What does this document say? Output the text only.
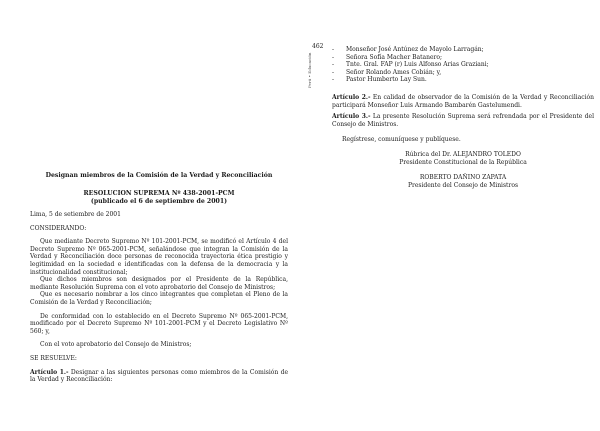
Designan miembros de la Comisión de la Verdad y Reconciliación
RESOLUCION SUPREMA Nº 438-2001-PCM
(publicado el 6 de septiembre de 2001)

Lima, 5 de setiembre de 2001

CONSIDERANDO:

Que mediante Decreto Supremo Nº 101-2001-PCM, se modificó el Artículo 4 del Decreto Supremo Nº 065-2001-PCM, señalándose que integran la Comisión de la Verdad y Reconciliación doce personas de reconocida trayectoria ética prestigio y legitimidad en la sociedad e identificadas con la defensa de la democracia y la institucionalidad constitucional;

Que dichos miembros son designados por el Presidente de la República, mediante Resolución Suprema con el voto aprobatorio del Consejo de Ministros;

Que es necesario nombrar a los cinco integrantes que completan el Pleno de la Comisión de la Verdad y Reconciliación;

De conformidad con lo establecido en el Decreto Supremo Nº 065-2001-PCM, modificado por el Decreto Supremo Nº 101-2001-PCM y el Decreto Legislativo Nº 560; y,

Con el voto aprobatorio del Consejo de Ministros;

SE RESUELVE:

Artículo 1.- Designar a las siguientes personas como miembros de la Comisión de la Verdad y Reconciliación:

462
Perú • Educación
- Monseñor José Antúnez de Mayolo Larragán;
- Señora Sofía Macher Batanero;
- Tnte. Gral. FAP (r) Luis Alfonso Arias Graziani;
- Señor Rolando Ames Cobián; y,
- Pastor Humberto Lay Sun.

Artículo 2.- En calidad de observador de la Comisión de la Verdad y Reconciliación participará Monseñor Luis Armando Bambarén Gastelumendi.

Artículo 3.- La presente Resolución Suprema será refrendada por el Presidente del Consejo de Ministros.

Regístrese, comuníquese y publíquese.

Rúbrica del Dr. ALEJANDRO TOLEDO
Presidente Constitucional de la República
ROBERTO DAÑINO ZAPATA
Presidente del Consejo de Ministros
